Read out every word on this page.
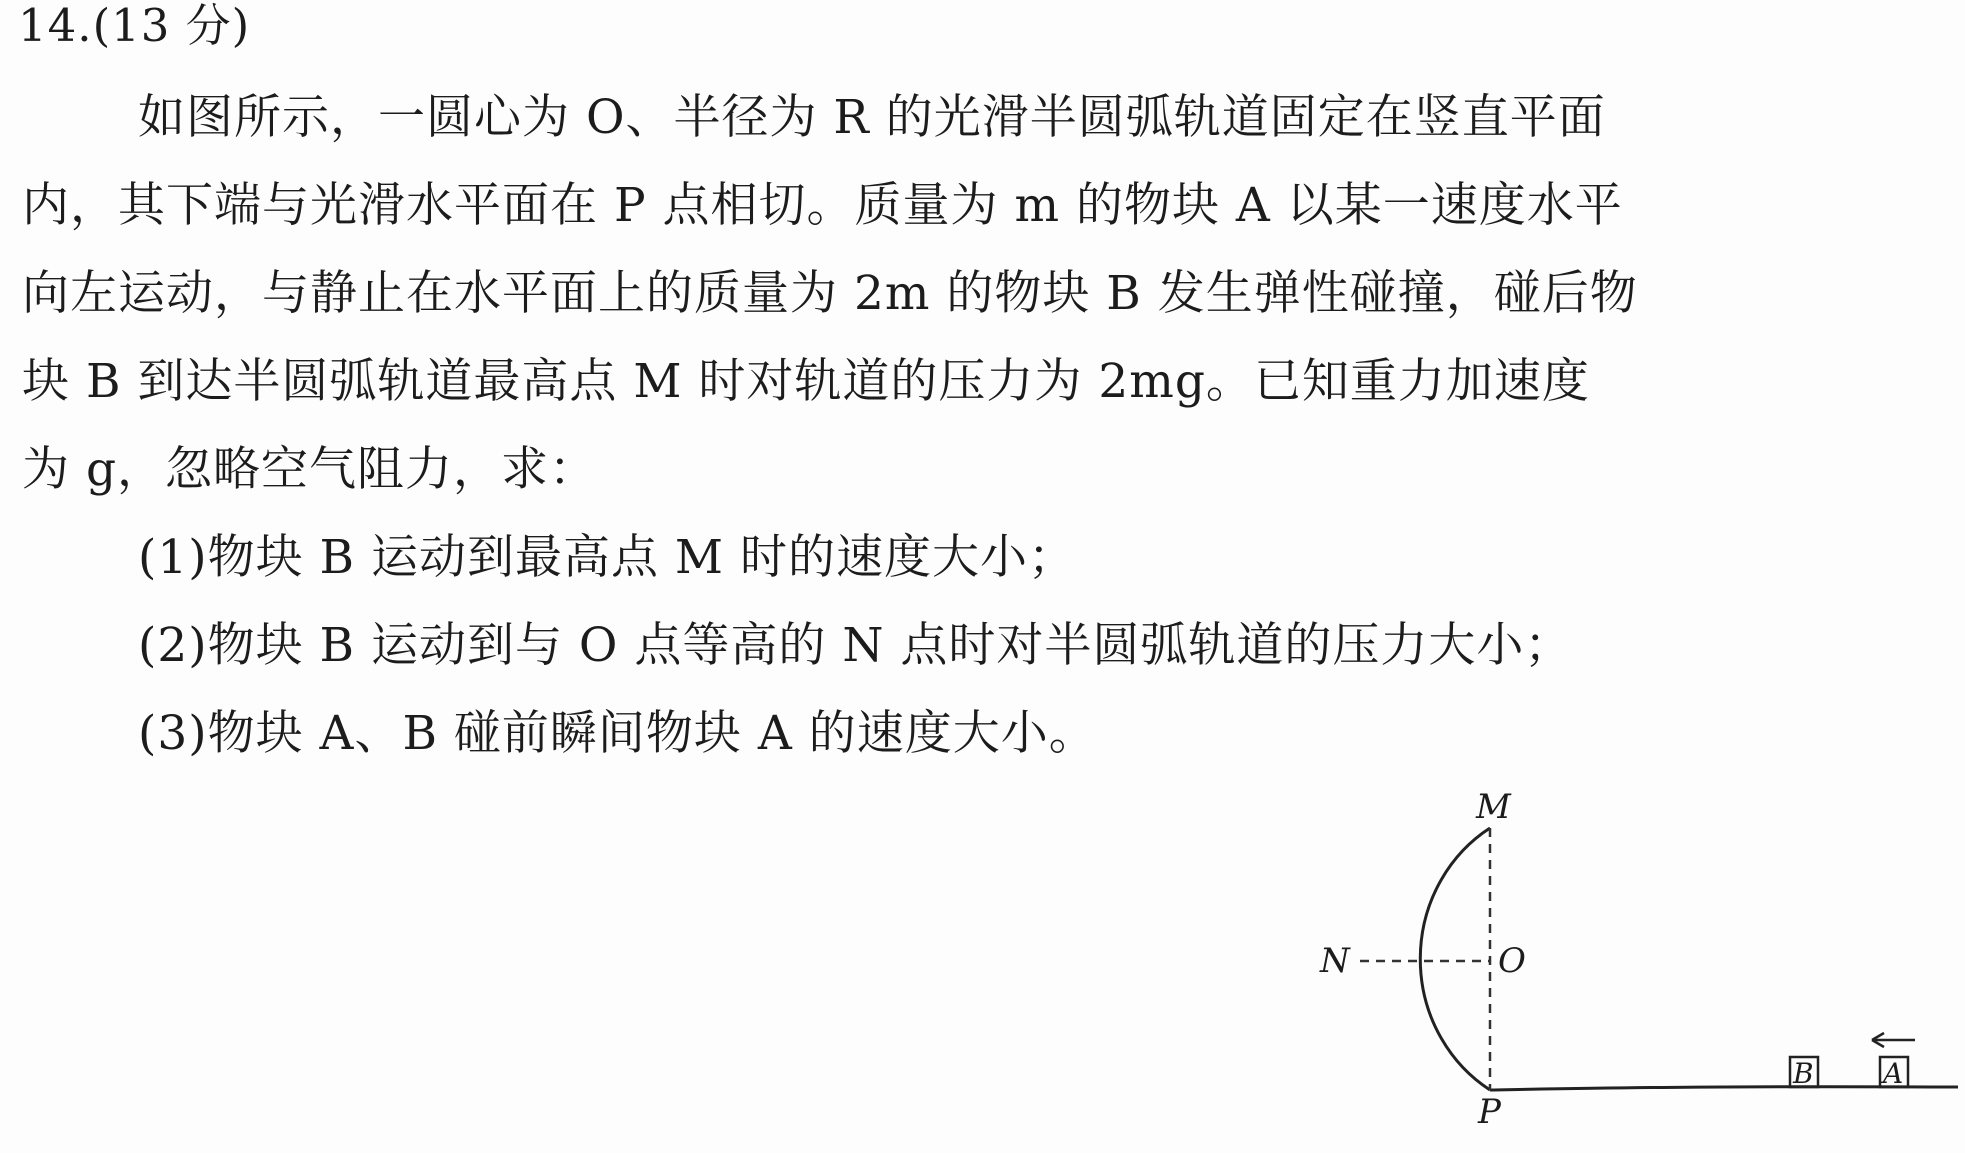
14.(13 分)
如图所示，一圆心为 O、半径为 R 的光滑半圆弧轨道固定在竖直平面
内，其下端与光滑水平面在 P 点相切。质量为 m 的物块 A 以某一速度水平
向左运动，与静止在水平面上的质量为 2m 的物块 B 发生弹性碰撞，碰后物
块 B 到达半圆弧轨道最高点 M 时对轨道的压力为 2mg。已知重力加速度
为 g，忽略空气阻力，求：
(1)物块 B 运动到最高点 M 时的速度大小；
(2)物块 B 运动到与 O 点等高的 N 点时对半圆弧轨道的压力大小；
(3)物块 A、B 碰前瞬间物块 A 的速度大小。
M
N	O
P
B A
